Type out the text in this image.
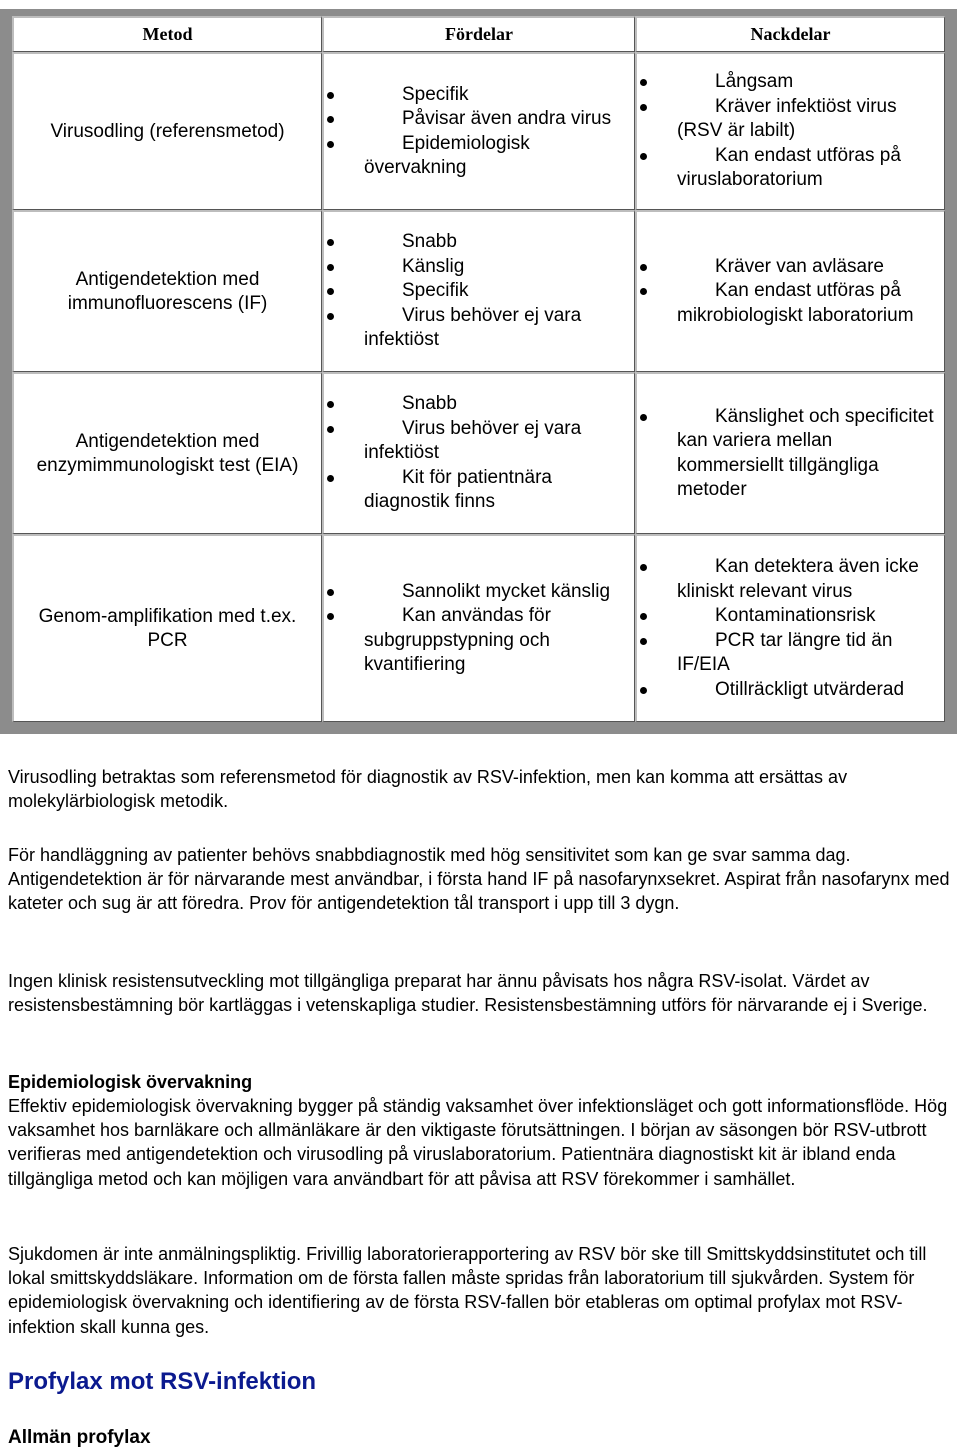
Metod	Fördelar	Nackdelar
Virusodling (referensmetod)
Specifik
Påvisar även andra virus
Epidemiologisk övervakning
Långsam
Kräver infektiöst virus (RSV är labilt)
Kan endast utföras på viruslaboratorium
Antigendetektion med immunofluorescens (IF)
Snabb
Känslig
Specifik
Virus behöver ej vara infektiöst
Kräver van avläsare
Kan endast utföras på mikrobiologiskt laboratorium
Antigendetektion med enzymimmunologiskt test (EIA)
Snabb
Virus behöver ej vara infektiöst
Kit för patientnära diagnostik finns
Känslighet och specificitet kan variera mellan kommersiellt tillgängliga metoder
Genom-amplifikation med t.ex. PCR
Sannolikt mycket känslig
Kan användas för subgruppstypning och kvantifiering
Kan detektera även icke kliniskt relevant virus
Kontaminationsrisk
PCR tar längre tid än IF/EIA
Otillräckligt utvärderad

Virusodling betraktas som referensmetod för diagnostik av RSV-infektion, men kan komma att ersättas av molekylärbiologisk metodik.

För handläggning av patienter behövs snabbdiagnostik med hög sensitivitet som kan ge svar samma dag. Antigendetektion är för närvarande mest användbar, i första hand IF på nasofarynxsekret. Aspirat från nasofarynx med kateter och sug är att föredra. Prov för antigendetektion tål transport i upp till 3 dygn.

Ingen klinisk resistensutveckling mot tillgängliga preparat har ännu påvisats hos några RSV-isolat. Värdet av resistensbestämning bör kartläggas i vetenskapliga studier. Resistensbestämning utförs för närvarande ej i Sverige.

Epidemiologisk övervakning

Effektiv epidemiologisk övervakning bygger på ständig vaksamhet över infektionsläget och gott informationsflöde. Hög vaksamhet hos barnläkare och allmänläkare är den viktigaste förutsättningen. I början av säsongen bör RSV-utbrott verifieras med antigendetektion och virusodling på viruslaboratorium. Patientnära diagnostiskt kit är ibland enda tillgängliga metod och kan möjligen vara användbart för att påvisa att RSV förekommer i samhället.

Sjukdomen är inte anmälningspliktig. Frivillig laboratorierapportering av RSV bör ske till Smittskyddsinstitutet och till lokal smittskyddsläkare. Information om de första fallen måste spridas från laboratorium till sjukvården. System för epidemiologisk övervakning och identifiering av de första RSV-fallen bör etableras om optimal profylax mot RSV-infektion skall kunna ges.

Profylax mot RSV-infektion
Allmän profylax
